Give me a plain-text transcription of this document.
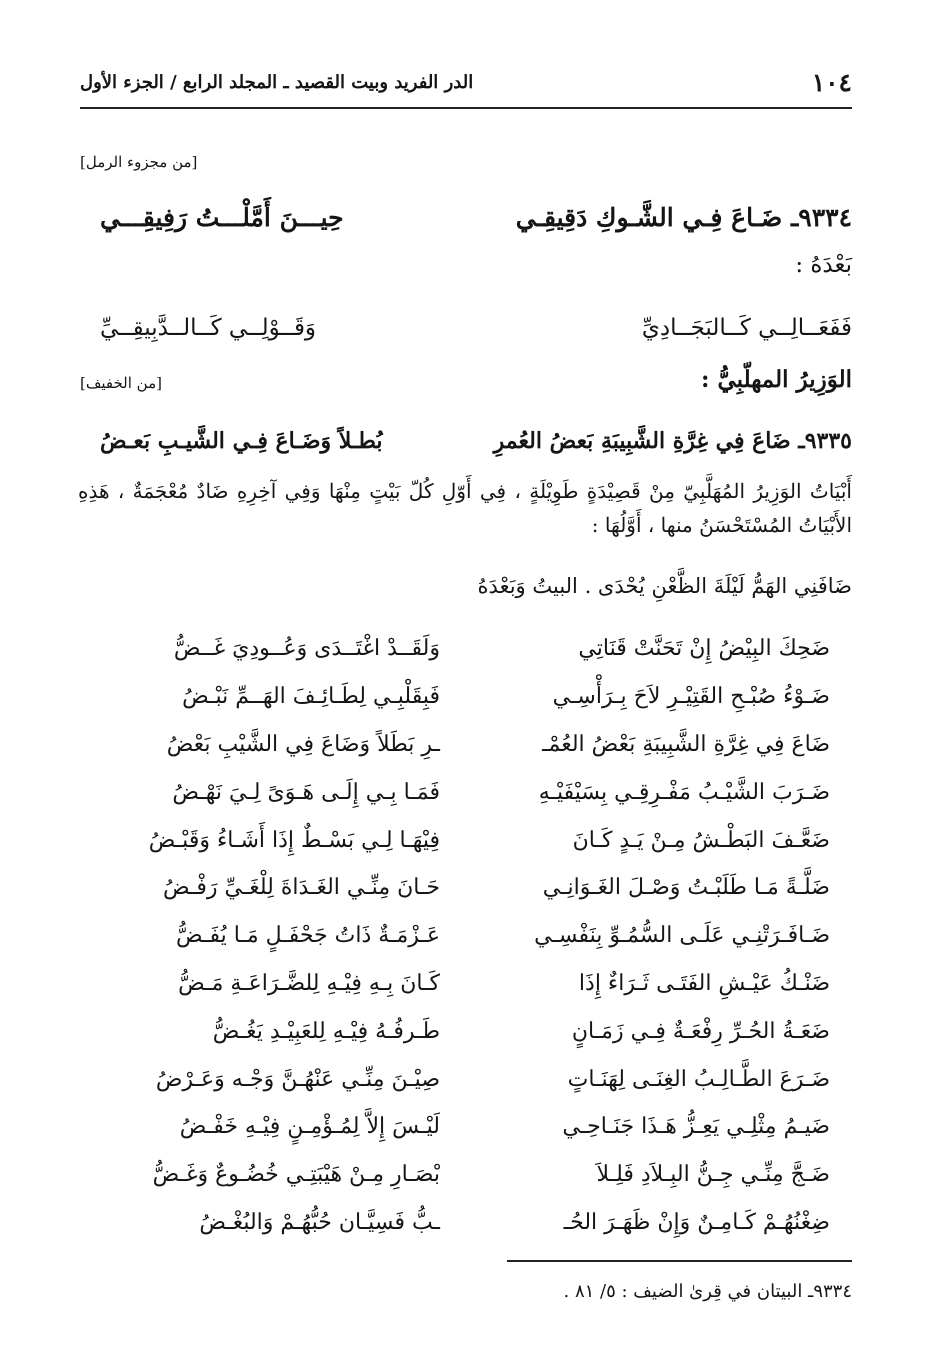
١٠٤
الدر الفريد وبيت القصيد ـ المجلد الرابع / الجزء الأول
[من مجزوء الرمل]
٩٣٣٤ـ ضَـاعَ فِـي الشَّـوكِ دَقِيقِـي
حِيـــنَ أَمَّلْـــتُ رَفِيقِـــي
بَعْدَهُ :
فَفَعَــالِــي كَــالبَجَــادِيِّ
وَقَــوْلِــي كَــالــدَّبِيقِــيِّ
الوَزِيرُ المهلّبِيُّ :
[من الخفيف]
٩٣٣٥ـ ضَاعَ فِي غِرَّةِ الشَّبِيبَةِ بَعضُ العُمرِ
بُطـلاً وَضَـاعَ فِـي الشَّيـبِ بَعـضُ
أَبْيَاتُ الوَزِيرُ المُهَلَّبِيّ مِنْ قَصِيْدَةٍ طَوِيْلَةٍ ، فِي أَوّلِ كُلّ بَيْتٍ مِنْهَا وَفِي آخِرِهِ ضَادٌ مُعْجَمَةٌ ، هَذِهِ الأَبْيَاتُ المُسْتَحْسَنُ منها ، أَوَّلُهَا :
ضَافَنِي الهَمُّ لَيْلَةَ الظَّعْنِ يُحْدَى . البيتُ وَبَعْدَهُ
ضَحِكَ البِيْضُ إِنْ تَحَنَّتْ قَنَاتِي
وَلَقَــدْ اغْتَــدَى وَعُــودِيَ غَــضُّ
ضَـوْءُ صُبْـحِ القَتِيْـرِ لاَحَ بِـرَأْسِـي
فَبِقَلْبِـي لِطَـائِـفَ الهَــمِّ نَبْـضُ
ضَاعَ فِي غِرَّةِ الشَّبِيبَةِ بَعْضُ العُمْـ
ـرِ بَطَلاً وَضَاعَ فِي الشَّيْبِ بَعْضُ
ضَـرَبَ الشَّيْـبُ مَفْـرِقِـي بِسَيْفَيْـهِ
فَمَـا بِـي إِلَـى هَـوَىً لِـيَ نَهْـضُ
ضَعَّـفَ البَطْـشُ مِـنْ يَـدٍ كَـانَ
فِيْهَـا لِـي بَسْـطٌ إِذَا أَشَـاءُ وَقَبْـضُ
ضَلَّـةً مَـا طَلَبْـتُ وَصْـلَ الغَـوَانِـي
حَـانَ مِنِّـي الغَـدَاةَ لِلْغَـيِّ رَفْـضُ
ضَـافَـرَتْنِـي عَلَـى السُّمُـوِّ بِنَفْسِـي
عَـزْمَـةٌ ذَاتُ جَحْفَـلٍ مَـا يُفَـضُّ
ضَنْـكُ عَيْـشِ الفَتَـى ثَـرَاءٌ إِذَا
كَـانَ بِـهِ فِيْـهِ لِلضَّـرَاعَـةِ مَـضُّ
ضَعَـةُ الحُـرِّ رِفْعَـةٌ فِـي زَمَـانٍ
طَـرفُـهُ فِيْـهِ لِلعَبِيْـدِ يَغُـضُّ
ضَـرَعَ الطَّـالِـبُ الغِنَـى لِهَنَـاتٍ
صِيْـنَ مِنِّـي عَنْهُـنَّ وَجْـه وَعَـرْضُ
ضَيـمُ مِثْلِـي يَعِـزُّ هَـذَا جَنَـاحِـي
لَيْـسَ إِلاَّ لِمُـؤْمِـنٍ فِيْـهِ خَفْـضُ
ضَـجَّ مِنِّـي جِـنُّ البِـلاَدِ فَلِـلاَ
بْصَـارِ مِـنْ هَيْبَتِـي خُضُـوعٌ وَغَـضُّ
ضِغْنُهُـمْ كَـامِـنٌ وَإِنْ ظَهَـرَ الحُـ
ـبُّ فَسِيَّـان حُبُّهُـمْ وَالبُغْـضُ
٩٣٣٤ـ البيتان في قِرىٰ الضيف : ٥/ ٨١ .
